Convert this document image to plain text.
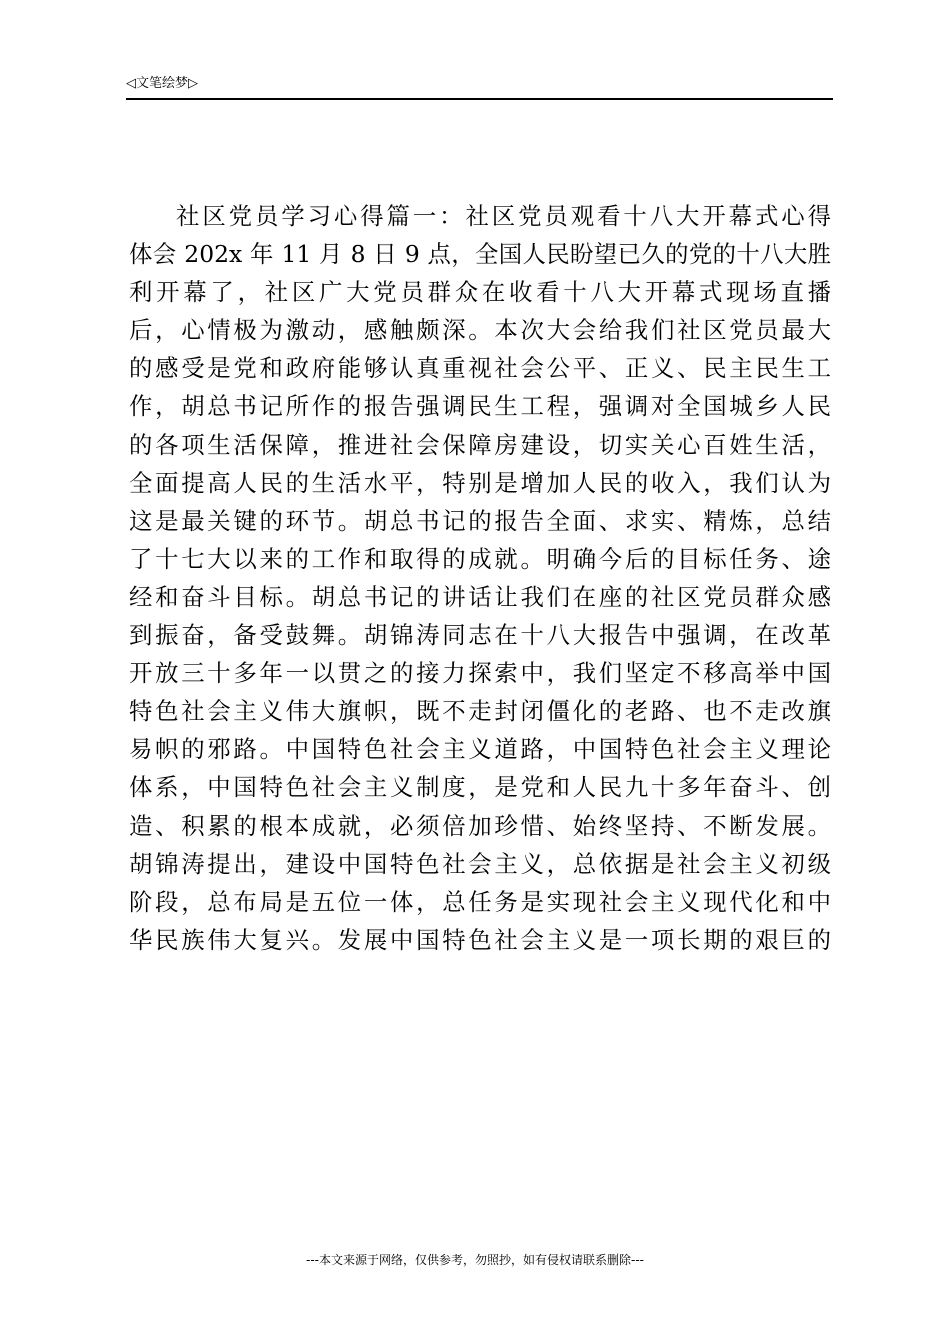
◁文笔绘梦▷
社区党员学习心得篇一：社区党员观看十八大开幕式心得
体会 202x 年 11 月 8 日 9 点，全国人民盼望已久的党的十八大胜
利开幕了，社区广大党员群众在收看十八大开幕式现场直播
后，心情极为激动，感触颇深。本次大会给我们社区党员最大
的感受是党和政府能够认真重视社会公平、正义、民主民生工
作，胡总书记所作的报告强调民生工程，强调对全国城乡人民
的各项生活保障，推进社会保障房建设，切实关心百姓生活，
全面提高人民的生活水平，特别是增加人民的收入，我们认为
这是最关键的环节。胡总书记的报告全面、求实、精炼，总结
了十七大以来的工作和取得的成就。明确今后的目标任务、途
经和奋斗目标。胡总书记的讲话让我们在座的社区党员群众感
到振奋，备受鼓舞。胡锦涛同志在十八大报告中强调，在改革
开放三十多年一以贯之的接力探索中，我们坚定不移高举中国
特色社会主义伟大旗帜，既不走封闭僵化的老路、也不走改旗
易帜的邪路。中国特色社会主义道路，中国特色社会主义理论
体系，中国特色社会主义制度，是党和人民九十多年奋斗、创
造、积累的根本成就，必须倍加珍惜、始终坚持、不断发展。
胡锦涛提出，建设中国特色社会主义，总依据是社会主义初级
阶段，总布局是五位一体，总任务是实现社会主义现代化和中
华民族伟大复兴。发展中国特色社会主义是一项长期的艰巨的
---本文来源于网络，仅供参考，勿照抄，如有侵权请联系删除---
